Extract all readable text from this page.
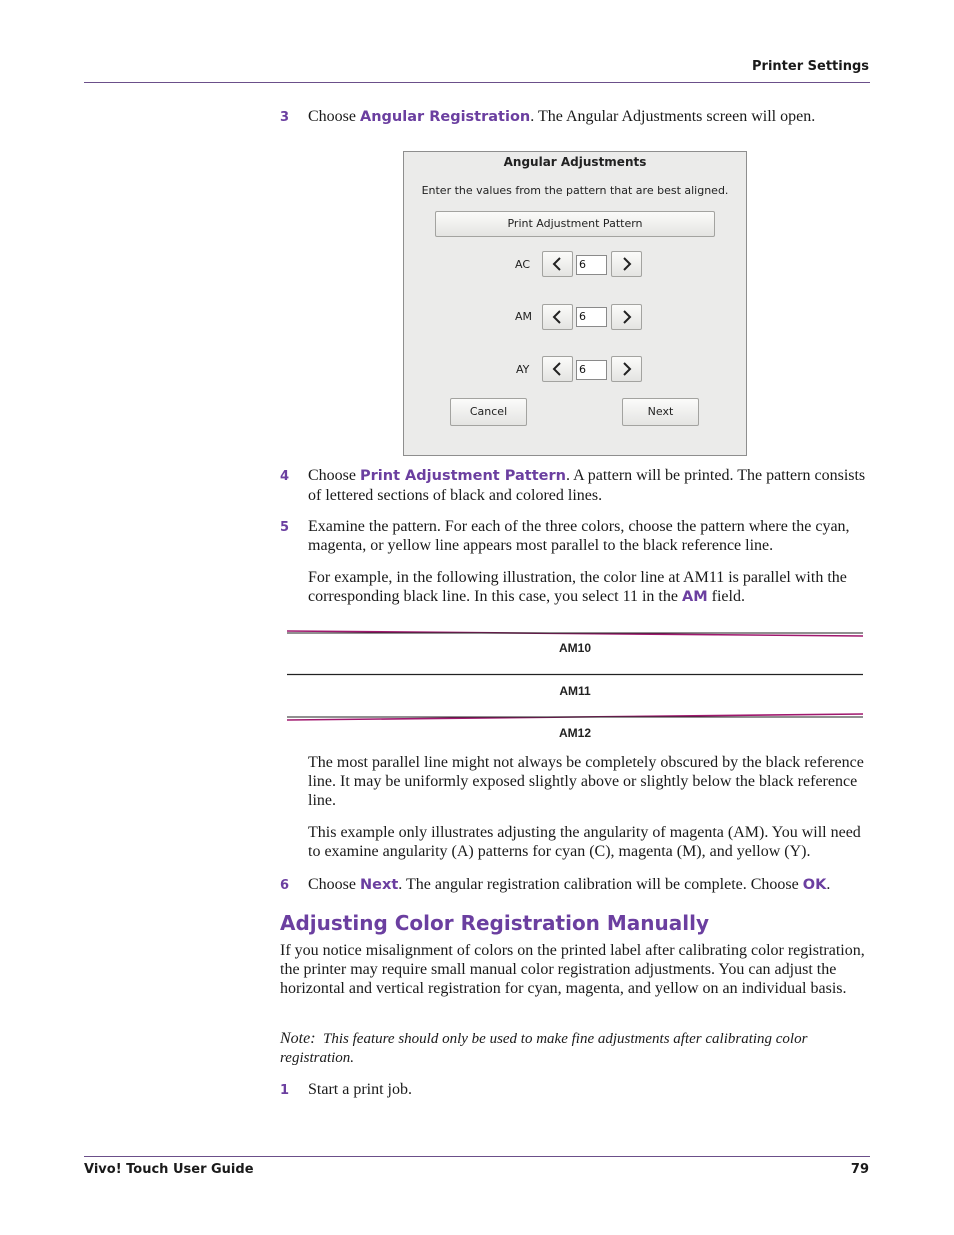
Printer Settings
3 Choose Angular Registration. The Angular Adjustments screen will open.
Angular Adjustments
Enter the values from the pattern that are best aligned.
Print Adjustment Pattern
AC	6
AM	6
AY	6
Cancel	Next
4 Choose Print Adjustment Pattern. A pattern will be printed. The pattern consists of lettered sections of black and colored lines.
5 Examine the pattern. For each of the three colors, choose the pattern where the cyan, magenta, or yellow line appears most parallel to the black reference line.
For example, in the following illustration, the color line at AM11 is parallel with the corresponding black line. In this case, you select 11 in the AM field.
AM10
AM11
AM12
The most parallel line might not always be completely obscured by the black reference line. It may be uniformly exposed slightly above or slightly below the black reference line.
This example only illustrates adjusting the angularity of magenta (AM). You will need to examine angularity (A) patterns for cyan (C), magenta (M), and yellow (Y).
6 Choose Next. The angular registration calibration will be complete. Choose OK.
Adjusting Color Registration Manually
If you notice misalignment of colors on the printed label after calibrating color registration, the printer may require small manual color registration adjustments. You can adjust the horizontal and vertical registration for cyan, magenta, and yellow on an individual basis.
Note: This feature should only be used to make fine adjustments after calibrating color registration.
1 Start a print job.
Vivo! Touch User Guide	79
